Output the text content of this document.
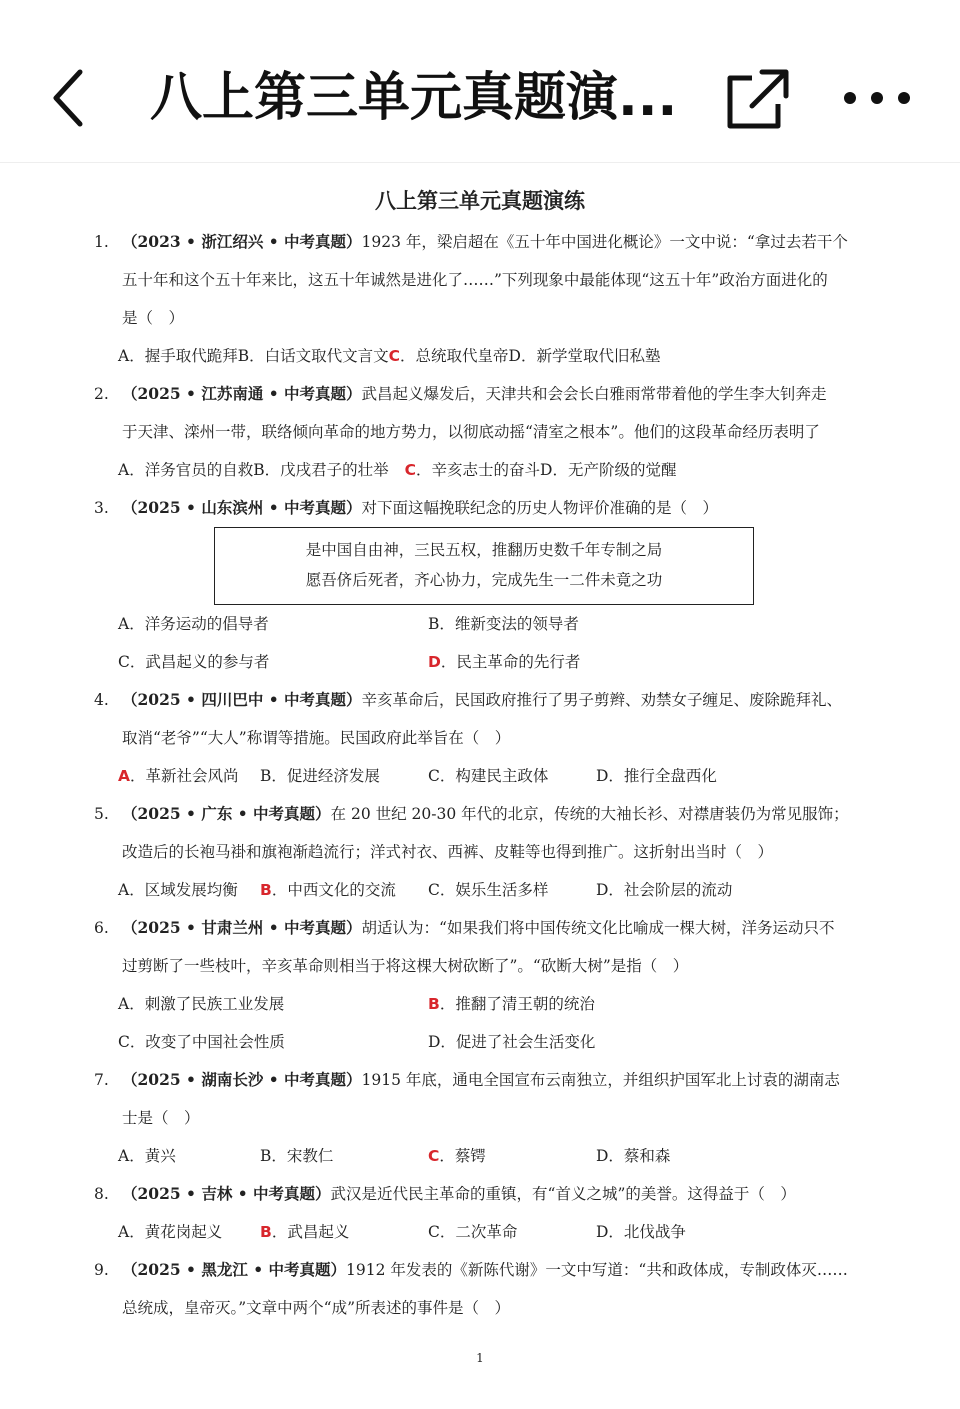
八上第三单元真题演...
八上第三单元真题演练
1. （2023 • 浙江绍兴 • 中考真题）1923 年，梁启超在《五十年中国进化概论》一文中说：“拿过去若干个
五十年和这个五十年来比，这五十年诚然是进化了……”下列现象中最能体现“这五十年”政治方面进化的
是（　）
A．握手取代跪拜B．白话文取代文言文C．总统取代皇帝D．新学堂取代旧私塾
2. （2025 • 江苏南通 • 中考真题）武昌起义爆发后，天津共和会会长白雅雨常带着他的学生李大钊奔走
于天津、滦州一带，联络倾向革命的地方势力，以彻底动摇“清室之根本”。他们的这段革命经历表明了
A．洋务官员的自救B．戊戌君子的壮举 C．辛亥志士的奋斗D．无产阶级的觉醒
3. （2025 • 山东滨州 • 中考真题）对下面这幅挽联纪念的历史人物评价准确的是（　）
是中国自由神，三民五权，推翻历史数千年专制之局
愿吾侪后死者，齐心协力，完成先生一二件未竟之功
A．洋务运动的倡导者	B．维新变法的领导者
C．武昌起义的参与者	D．民主革命的先行者
4. （2025 • 四川巴中 • 中考真题）辛亥革命后，民国政府推行了男子剪辫、劝禁女子缠足、废除跪拜礼、
取消“老爷”“大人”称谓等措施。民国政府此举旨在（　）
A．革新社会风尚 B．促进经济发展	C．构建民主政体	D．推行全盘西化
5. （2025 • 广东 • 中考真题）在 20 世纪 20-30 年代的北京，传统的大袖长衫、对襟唐装仍为常见服饰；
改造后的长袍马褂和旗袍渐趋流行；洋式衬衣、西裤、皮鞋等也得到推广。这折射出当时（　）
A．区域发展均衡 B．中西文化的交流 C．娱乐生活多样	D．社会阶层的流动
6. （2025 • 甘肃兰州 • 中考真题）胡适认为：“如果我们将中国传统文化比喻成一棵大树，洋务运动只不
过剪断了一些枝叶，辛亥革命则相当于将这棵大树砍断了”。“砍断大树”是指（　）
A．刺激了民族工业发展	B．推翻了清王朝的统治
C．改变了中国社会性质	D．促进了社会生活变化
7. （2025 • 湖南长沙 • 中考真题）1915 年底，通电全国宣布云南独立，并组织护国军北上讨袁的湖南志
士是（　）
A．黄兴	B．宋教仁	C．蔡锷	D．蔡和森
8. （2025 • 吉林 • 中考真题）武汉是近代民主革命的重镇，有“首义之城”的美誉。这得益于（　）
A．黄花岗起义 B．武昌起义	C．二次革命	D．北伐战争
9. （2025 • 黑龙江 • 中考真题）1912 年发表的《新陈代谢》一文中写道：“共和政体成，专制政体灭……
总统成，皇帝灭。”文章中两个“成”所表述的事件是（　）
1
